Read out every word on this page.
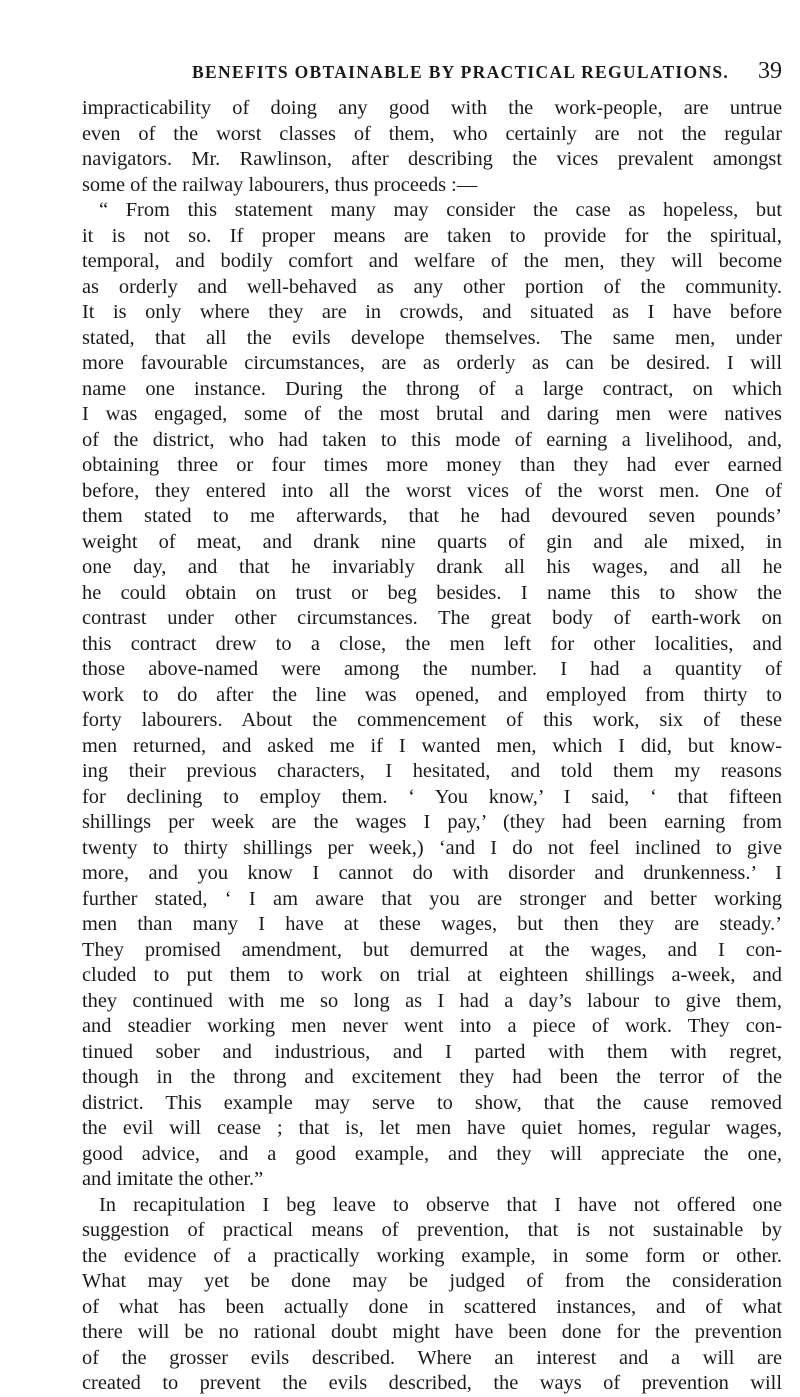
BENEFITS OBTAINABLE BY PRACTICAL REGULATIONS. 39
impracticability of doing any good with the work-people, are untrue
even of the worst classes of them, who certainly are not the regular
navigators. Mr. Rawlinson, after describing the vices prevalent amongst
some of the railway labourers, thus proceeds :—
“ From this statement many may consider the case as hopeless, but
it is not so. If proper means are taken to provide for the spiritual,
temporal, and bodily comfort and welfare of the men, they will become
as orderly and well-behaved as any other portion of the community.
It is only where they are in crowds, and situated as I have before
stated, that all the evils develope themselves. The same men, under
more favourable circumstances, are as orderly as can be desired. I will
name one instance. During the throng of a large contract, on which
I was engaged, some of the most brutal and daring men were natives
of the district, who had taken to this mode of earning a livelihood, and,
obtaining three or four times more money than they had ever earned
before, they entered into all the worst vices of the worst men. One of
them stated to me afterwards, that he had devoured seven pounds’
weight of meat, and drank nine quarts of gin and ale mixed, in
one day, and that he invariably drank all his wages, and all he
he could obtain on trust or beg besides. I name this to show the
contrast under other circumstances. The great body of earth-work on
this contract drew to a close, the men left for other localities, and
those above-named were among the number. I had a quantity of
work to do after the line was opened, and employed from thirty to
forty labourers. About the commencement of this work, six of these
men returned, and asked me if I wanted men, which I did, but know-
ing their previous characters, I hesitated, and told them my reasons
for declining to employ them. ‘ You know,’ I said, ‘ that fifteen
shillings per week are the wages I pay,’ (they had been earning from
twenty to thirty shillings per week,) ‘and I do not feel inclined to give
more, and you know I cannot do with disorder and drunkenness.’ I
further stated, ‘ I am aware that you are stronger and better working
men than many I have at these wages, but then they are steady.’
They promised amendment, but demurred at the wages, and I con-
cluded to put them to work on trial at eighteen shillings a-week, and
they continued with me so long as I had a day’s labour to give them,
and steadier working men never went into a piece of work. They con-
tinued sober and industrious, and I parted with them with regret,
though in the throng and excitement they had been the terror of the
district. This example may serve to show, that the cause removed
the evil will cease ; that is, let men have quiet homes, regular wages,
good advice, and a good example, and they will appreciate the one,
and imitate the other.”
In recapitulation I beg leave to observe that I have not offered one
suggestion of practical means of prevention, that is not sustainable by
the evidence of a practically working example, in some form or other.
What may yet be done may be judged of from the consideration
of what has been actually done in scattered instances, and of what
there will be no rational doubt might have been done for the prevention
of the grosser evils described. Where an interest and a will are
created to prevent the evils described, the ways of prevention will
